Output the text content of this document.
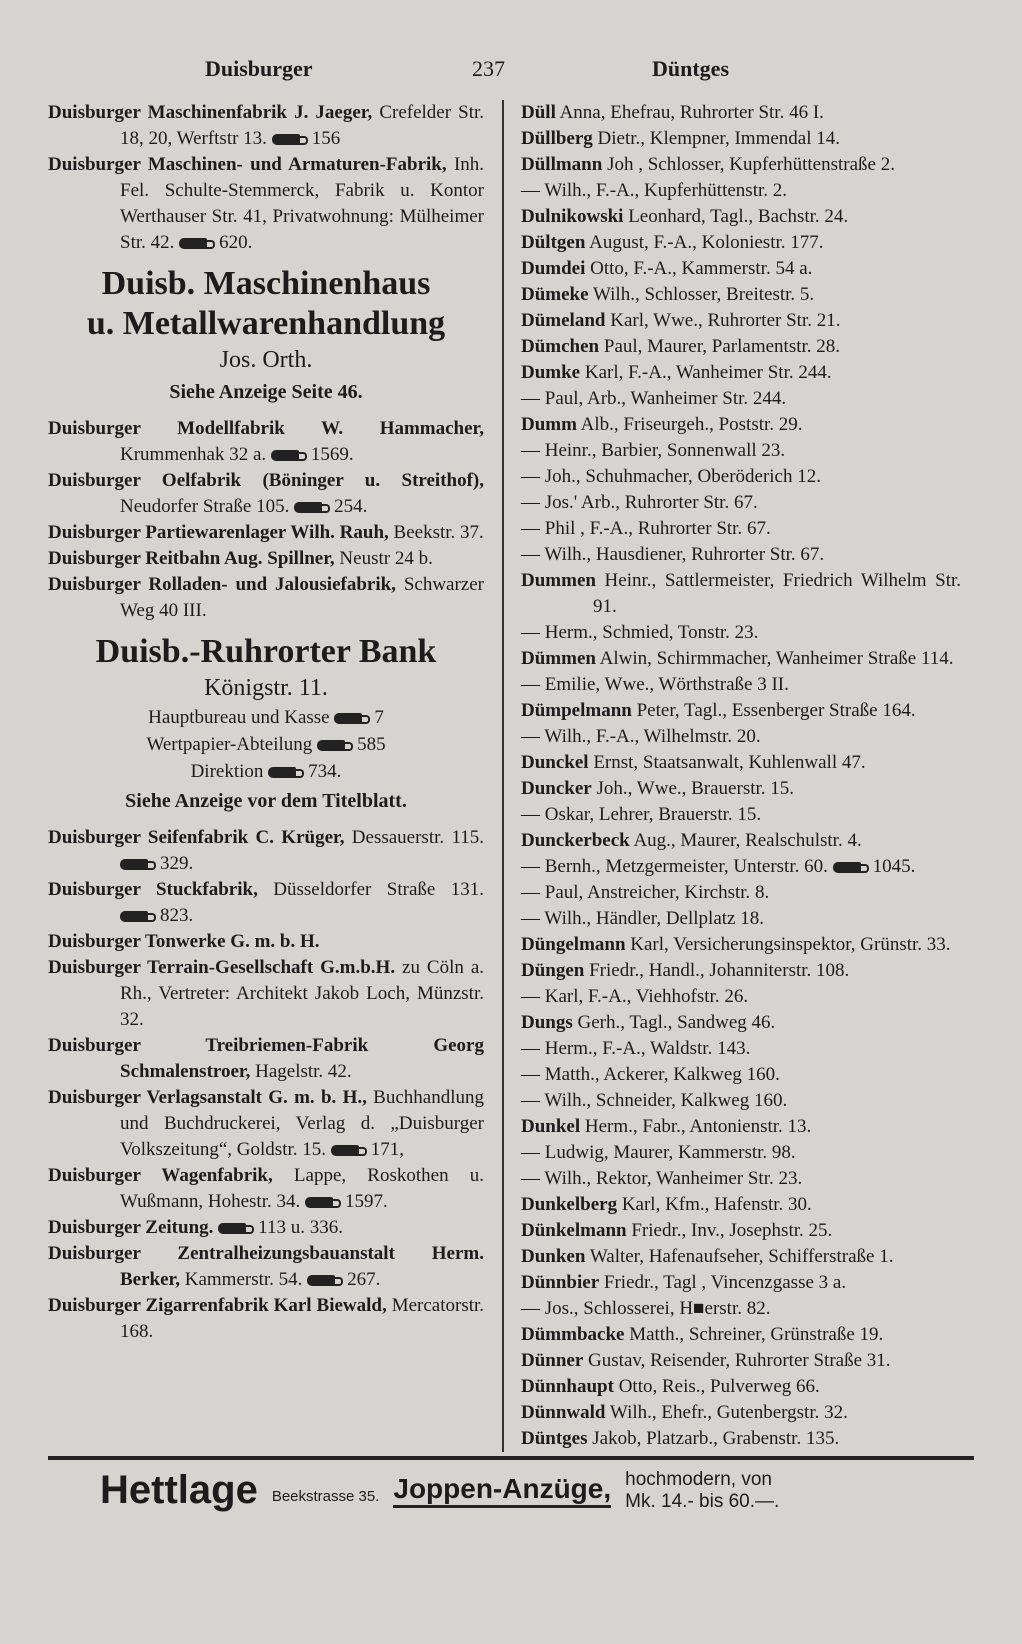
Duisburger	237	Düntges
Duisburger Maschinenfabrik J. Jaeger, Crefelder Str. 18, 20, Werftstr 13. 156
Duisburger Maschinen- und Armaturen-Fabrik, Inh. Fel. Schulte-Stemmerck, Fabrik u. Kontor Werthauser Str. 41, Privatwohnung: Mülheimer Str. 42. 620.
Duisb. Maschinenhaus
u. Metallwarenhandlung
Jos. Orth.
Siehe Anzeige Seite 46.
Duisburger Modellfabrik W. Hammacher, Krummenhak 32 a. 1569.
Duisburger Oelfabrik (Böninger u. Streithof), Neudorfer Straße 105. 254.
Duisburger Partiewarenlager Wilh. Rauh, Beekstr. 37.
Duisburger Reitbahn Aug. Spillner, Neustr 24 b.
Duisburger Rolladen- und Jalousiefabrik, Schwarzer Weg 40 III.
Duisb.-Ruhrorter Bank
Königstr. 11.
Hauptbureau und Kasse 7
Wertpapier-Abteilung 585
Direktion 734.
Siehe Anzeige vor dem Titelblatt.
Duisburger Seifenfabrik C. Krüger, Dessauerstr. 115. 329.
Duisburger Stuckfabrik, Düsseldorfer Straße 131. 823.
Duisburger Tonwerke G. m. b. H.
Duisburger Terrain-Gesellschaft G.m.b.H. zu Cöln a. Rh., Vertreter: Architekt Jakob Loch, Münzstr. 32.
Duisburger Treibriemen-Fabrik Georg Schmalenstroer, Hagelstr. 42.
Duisburger Verlagsanstalt G. m. b. H., Buchhandlung und Buchdruckerei, Verlag d. „Duisburger Volkszeitung“, Goldstr. 15. 171,
Duisburger Wagenfabrik, Lappe, Roskothen u. Wußmann, Hohestr. 34. 1597.
Duisburger Zeitung. 113 u. 336.
Duisburger Zentralheizungsbauanstalt Herm. Berker, Kammerstr. 54. 267.
Duisburger Zigarrenfabrik Karl Biewald, Mercatorstr. 168.
Düll Anna, Ehefrau, Ruhrorter Str. 46 I.
Düllberg Dietr., Klempner, Immendal 14.
Düllmann Joh , Schlosser, Kupferhüttenstraße 2.
— Wilh., F.-A., Kupferhüttenstr. 2.
Dulnikowski Leonhard, Tagl., Bachstr. 24.
Dültgen August, F.-A., Koloniestr. 177.
Dumdei Otto, F.-A., Kammerstr. 54 a.
Dümeke Wilh., Schlosser, Breitestr. 5.
Dümeland Karl, Wwe., Ruhrorter Str. 21.
Dümchen Paul, Maurer, Parlamentstr. 28.
Dumke Karl, F.-A., Wanheimer Str. 244.
— Paul, Arb., Wanheimer Str. 244.
Dumm Alb., Friseurgeh., Poststr. 29.
— Heinr., Barbier, Sonnenwall 23.
— Joh., Schuhmacher, Oberöderich 12.
— Jos.' Arb., Ruhrorter Str. 67.
— Phil , F.-A., Ruhrorter Str. 67.
— Wilh., Hausdiener, Ruhrorter Str. 67.
Dummen Heinr., Sattlermeister, Friedrich Wilhelm Str. 91.
— Herm., Schmied, Tonstr. 23.
Dümmen Alwin, Schirmmacher, Wanheimer Straße 114.
— Emilie, Wwe., Wörthstraße 3 II.
Dümpelmann Peter, Tagl., Essenberger Straße 164.
— Wilh., F.-A., Wilhelmstr. 20.
Dunckel Ernst, Staatsanwalt, Kuhlenwall 47.
Duncker Joh., Wwe., Brauerstr. 15.
— Oskar, Lehrer, Brauerstr. 15.
Dunckerbeck Aug., Maurer, Realschulstr. 4.
— Bernh., Metzgermeister, Unterstr. 60. 1045.
— Paul, Anstreicher, Kirchstr. 8.
— Wilh., Händler, Dellplatz 18.
Düngelmann Karl, Versicherungsinspektor, Grünstr. 33.
Düngen Friedr., Handl., Johanniterstr. 108.
— Karl, F.-A., Viehhofstr. 26.
Dungs Gerh., Tagl., Sandweg 46.
— Herm., F.-A., Waldstr. 143.
— Matth., Ackerer, Kalkweg 160.
— Wilh., Schneider, Kalkweg 160.
Dunkel Herm., Fabr., Antonienstr. 13.
— Ludwig, Maurer, Kammerstr. 98.
— Wilh., Rektor, Wanheimer Str. 23.
Dunkelberg Karl, Kfm., Hafenstr. 30.
Dünkelmann Friedr., Inv., Josephstr. 25.
Dunken Walter, Hafenaufseher, Schifferstraße 1.
Dünnbier Friedr., Tagl , Vincenzgasse 3 a.
— Jos., Schlosserei, H■erstr. 82.
Dümmbacke Matth., Schreiner, Grünstraße 19.
Dünner Gustav, Reisender, Ruhrorter Straße 31.
Dünnhaupt Otto, Reis., Pulverweg 66.
Dünnwald Wilh., Ehefr., Gutenbergstr. 32.
Düntges Jakob, Platzarb., Grabenstr. 135.
Hettlage Beekstrasse 35. Joppen-Anzüge, hochmodern, von
Mk. 14.- bis 60.—.
